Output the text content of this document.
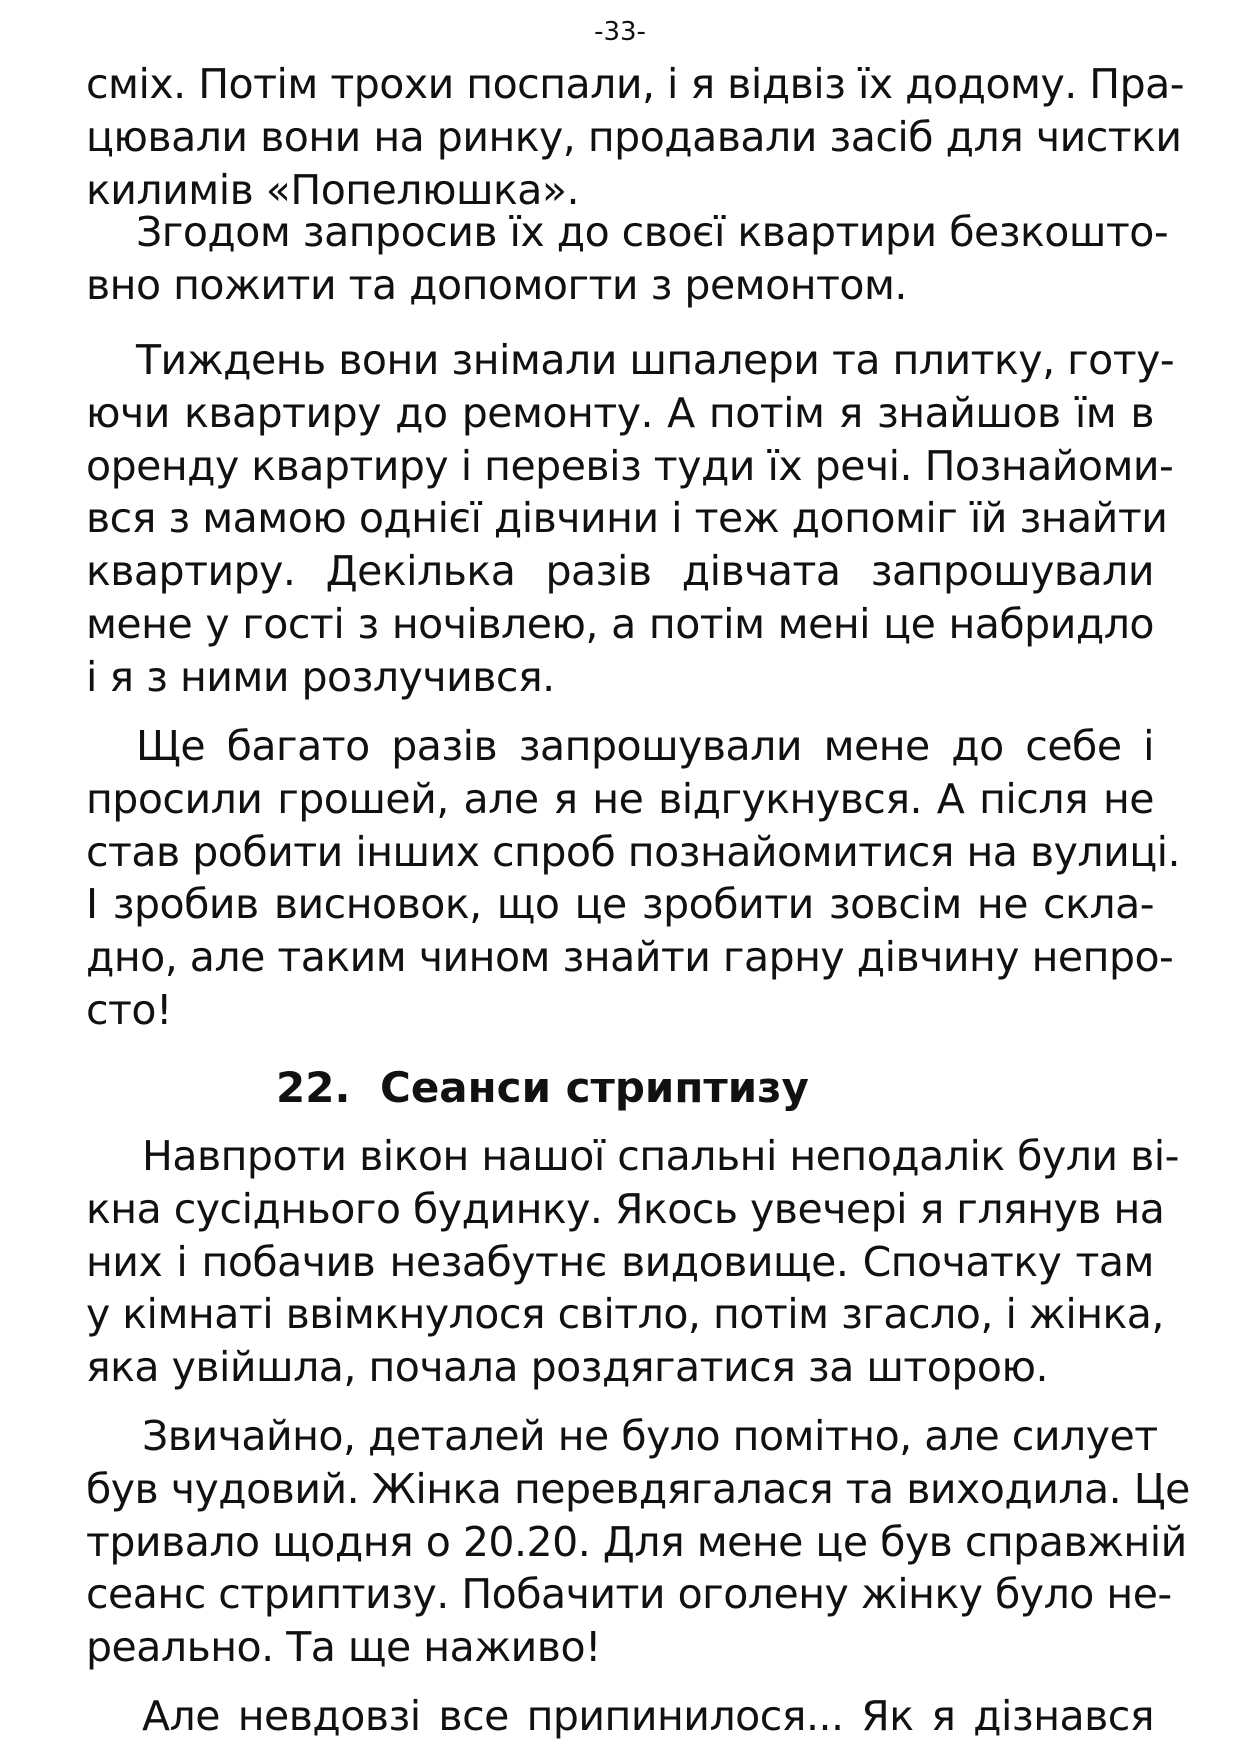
-33-
сміх. Потім трохи поспали, і я відвіз їх додому. Пра-
цювали вони на ринку, продавали засіб для чистки
килимів «Попелюшка».
Згодом запросив їх до своєї квартири безкошто-
вно пожити та допомогти з ремонтом.
Тиждень вони знімали шпалери та плитку, готу-
ючи квартиру до ремонту. А потім я знайшов їм в
оренду квартиру і перевіз туди їх речі. Познайоми-
вся з мамою однієї дівчини і теж допоміг їй знайти
квартиру. Декілька разів дівчата запрошували
мене у гості з ночівлею, а потім мені це набридло
і я з ними розлучився.
Ще багато разів запрошували мене до себе і
просили грошей, але я не відгукнувся. А після не
став робити інших спроб познайомитися на вулиці.
І зробив висновок, що це зробити зовсім не скла-
дно, але таким чином знайти гарну дівчину непро-
сто!
22. Сеанси стриптизу
Навпроти вікон нашої спальні неподалік були ві-
кна сусіднього будинку. Якось увечері я глянув на
них і побачив незабутнє видовище. Спочатку там
у кімнаті ввімкнулося світло, потім згасло, і жінка,
яка увійшла, почала роздягатися за шторою.
Звичайно, деталей не було помітно, але силует
був чудовий. Жінка перевдягалася та виходила. Це
тривало щодня о 20.20. Для мене це був справжній
сеанс стриптизу. Побачити оголену жінку було не-
реально. Та ще наживо!
Але невдовзі все припинилося... Як я дізнався
